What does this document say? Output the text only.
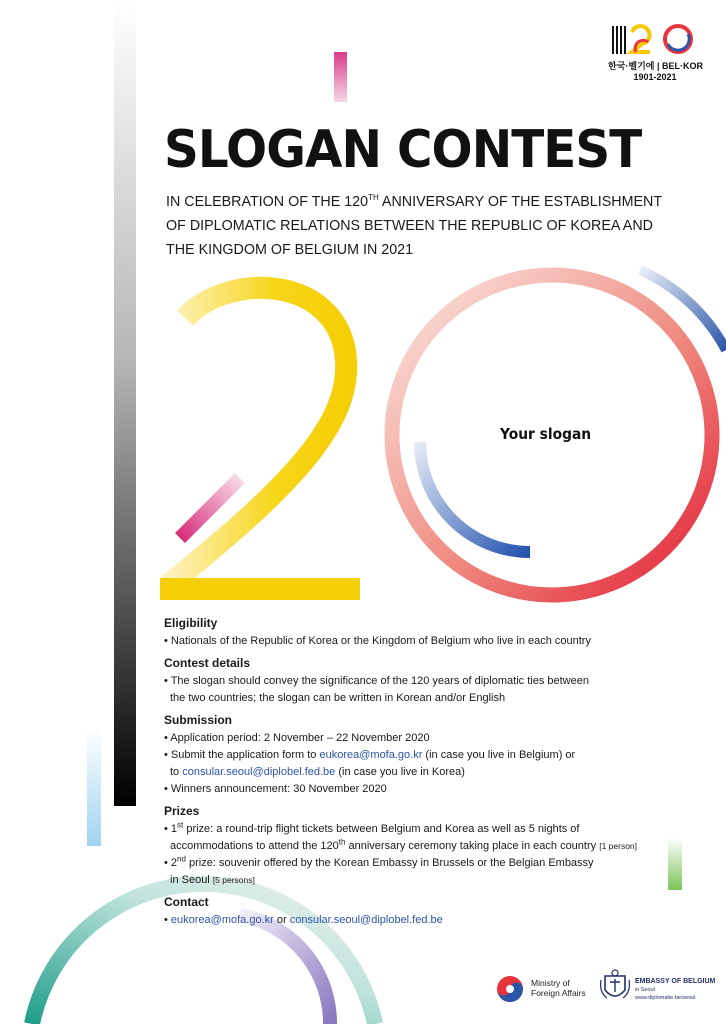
한국·벨기에 | BEL·KOR
1901-2021
SLOGAN CONTEST
IN CELEBRATION OF THE 120TH ANNIVERSARY OF THE ESTABLISHMENT
OF DIPLOMATIC RELATIONS BETWEEN THE REPUBLIC OF KOREA AND
THE KINGDOM OF BELGIUM IN 2021
Your slogan
Eligibility
• Nationals of the Republic of Korea or the Kingdom of Belgium who live in each country
Contest details
• The slogan should convey the significance of the 120 years of diplomatic ties between
the two countries; the slogan can be written in Korean and/or English
Submission
• Application period: 2 November – 22 November 2020
• Submit the application form to eukorea@mofa.go.kr (in case you live in Belgium) or
to consular.seoul@diplobel.fed.be (in case you live in Korea)
• Winners announcement: 30 November 2020
Prizes
• 1st prize: a round-trip flight tickets between Belgium and Korea as well as 5 nights of
accommodations to attend the 120th anniversary ceremony taking place in each country [1 person]
• 2nd prize: souvenir offered by the Korean Embassy in Brussels or the Belgian Embassy
in Seoul [5 persons]
Contact
• eukorea@mofa.go.kr or consular.seoul@diplobel.fed.be
Ministry of
Foreign Affairs
EMBASSY OF BELGIUM
in Seoul
www.diplomatie.be/seoul
